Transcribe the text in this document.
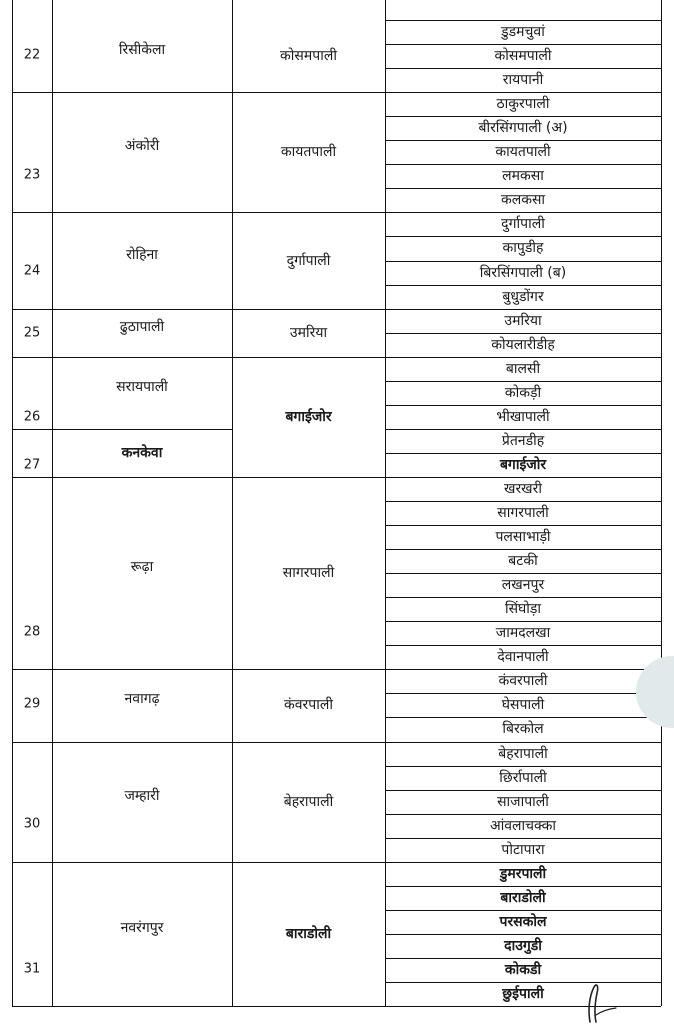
डुडमचुवां
कोसमपाली
रायपानी
कोसमपाली
रिसीकेला
22
ठाकुरपाली
बीरसिंगपाली (अ)
कायतपाली
लमकसा
कलकसा
कायतपाली
अंकोरी
23
दुर्गापाली
कापुडीह
बिरसिंगपाली (ब)
बुधुडोंगर
दुर्गापाली
रोहिना
24
उमरिया
कोयलारीडीह
उमरिया
ढुठापाली
25
बालसी
कोकड़ी
भीखापाली
प्रेतनडीह
बगाईजोर
बगाईजोर
सरायपाली
26
कनकेवा
27
खरखरी
सागरपाली
पलसाभाड़ी
बटकी
लखनपुर
सिंघोड़ा
जामदलखा
देवानपाली
सागरपाली
रूढ़ा
28
कंवरपाली
घेसपाली
बिरकोल
कंवरपाली
नवागढ़
29
बेहरापाली
छिर्रापाली
साजापाली
आंवलाचक्का
पोटापारा
बेहरापाली
जम्हारी
30
डुमरपाली
बाराडोली
परसकोल
दाउगुडी
कोकडी
छुईपाली
बाराडोली
नवरंगपुर
31
